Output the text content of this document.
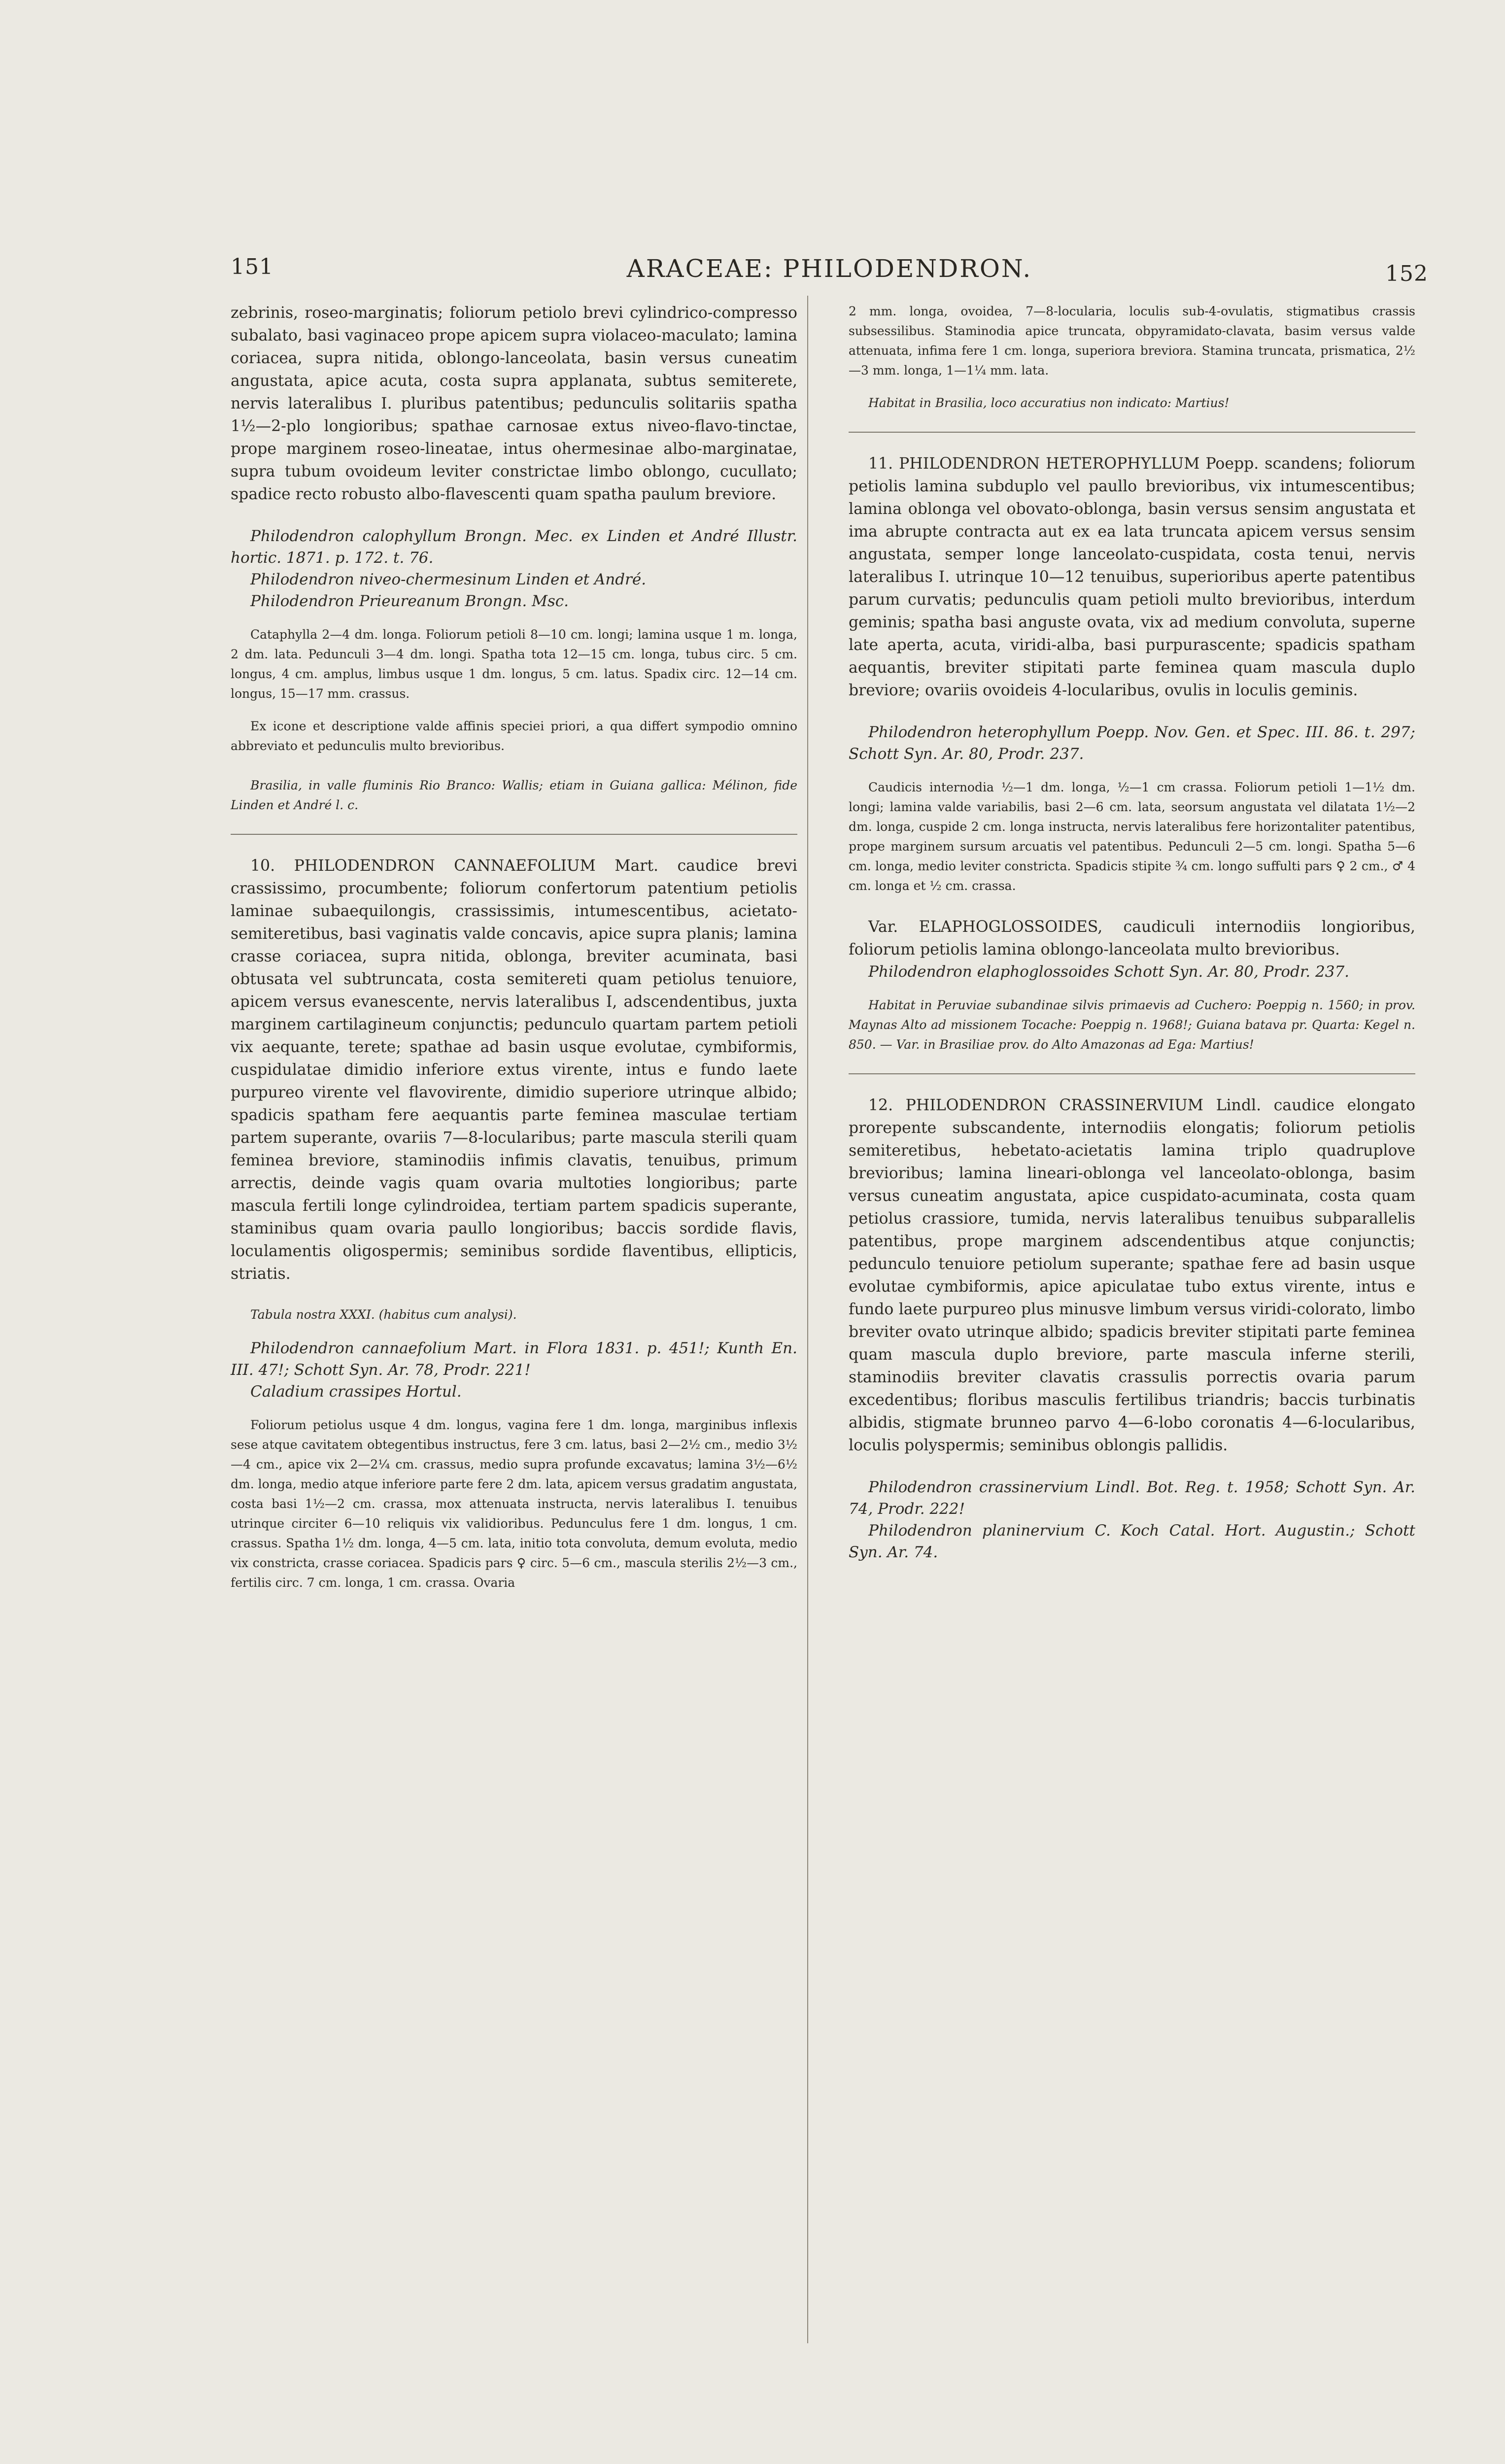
151	ARACEAE: PHILODENDRON.	152

zebrinis, roseo-marginatis; foliorum petiolo brevi cylindrico-compresso subalato, basi vaginaceo prope apicem supra violaceo-maculato; lamina coriacea, supra nitida, oblongo-lanceolata, basin versus cuneatim angustata, apice acuta, costa supra applanata, subtus semiterete, nervis lateralibus I. pluribus patentibus; pedunculis solitariis spatha 1½—2-plo longioribus; spathae carnosae extus niveo-flavo-tinctae, prope marginem roseo-lineatae, intus ohermesinae albo-marginatae, supra tubum ovoideum leviter constrictae limbo oblongo, cucullato; spadice recto robusto albo-flavescenti quam spatha paulum breviore.

Philodendron calophyllum Brongn. Mec. ex Linden et André Illustr. hortic. 1871. p. 172. t. 76.

Philodendron niveo-chermesinum Linden et André.

Philodendron Prieureanum Brongn. Msc.

Cataphylla 2—4 dm. longa. Foliorum petioli 8—10 cm. longi; lamina usque 1 m. longa, 2 dm. lata. Pedunculi 3—4 dm. longi. Spatha tota 12—15 cm. longa, tubus circ. 5 cm. longus, 4 cm. amplus, limbus usque 1 dm. longus, 5 cm. latus. Spadix circ. 12—14 cm. longus, 15—17 mm. crassus.

Ex icone et descriptione valde affinis speciei priori, a qua differt sympodio omnino abbreviato et pedunculis multo brevioribus.

Brasilia, in valle fluminis Rio Branco: Wallis; etiam in Guiana gallica: Mélinon, fide Linden et André l. c.

10. PHILODENDRON CANNAEFOLIUM Mart. caudice brevi crassissimo, procumbente; foliorum confertorum patentium petiolis laminae subaequilongis, crassissimis, intumescentibus, acietato-semiteretibus, basi vaginatis valde concavis, apice supra planis; lamina crasse coriacea, supra nitida, oblonga, breviter acuminata, basi obtusata vel subtruncata, costa semitereti quam petiolus tenuiore, apicem versus evanescente, nervis lateralibus I, adscendentibus, juxta marginem cartilagineum conjunctis; pedunculo quartam partem petioli vix aequante, terete; spathae ad basin usque evolutae, cymbiformis, cuspidulatae dimidio inferiore extus virente, intus e fundo laete purpureo virente vel flavovirente, dimidio superiore utrinque albido; spadicis spatham fere aequantis parte feminea masculae tertiam partem superante, ovariis 7—8-locularibus; parte mascula sterili quam feminea breviore, staminodiis infimis clavatis, tenuibus, primum arrectis, deinde vagis quam ovaria multoties longioribus; parte mascula fertili longe cylindroidea, tertiam partem spadicis superante, staminibus quam ovaria paullo longioribus; baccis sordide flavis, loculamentis oligospermis; seminibus sordide flaventibus, ellipticis, striatis.

Tabula nostra XXXI. (habitus cum analysi).

Philodendron cannaefolium Mart. in Flora 1831. p. 451!; Kunth En. III. 47!; Schott Syn. Ar. 78, Prodr. 221!

Caladium crassipes Hortul.

Foliorum petiolus usque 4 dm. longus, vagina fere 1 dm. longa, marginibus inflexis sese atque cavitatem obtegentibus instructus, fere 3 cm. latus, basi 2—2½ cm., medio 3½—4 cm., apice vix 2—2¼ cm. crassus, medio supra profunde excavatus; lamina 3½—6½ dm. longa, medio atque inferiore parte fere 2 dm. lata, apicem versus gradatim angustata, costa basi 1½—2 cm. crassa, mox attenuata instructa, nervis lateralibus I. tenuibus utrinque circiter 6—10 reliquis vix validioribus. Pedunculus fere 1 dm. longus, 1 cm. crassus. Spatha 1½ dm. longa, 4—5 cm. lata, initio tota convoluta, demum evoluta, medio vix constricta, crasse coriacea. Spadicis pars ♀ circ. 5—6 cm., mascula sterilis 2½—3 cm., fertilis circ. 7 cm. longa, 1 cm. crassa. Ovaria

2 mm. longa, ovoidea, 7—8-locularia, loculis sub-4-ovulatis, stigmatibus crassis subsessilibus. Staminodia apice truncata, obpyramidato-clavata, basim versus valde attenuata, infima fere 1 cm. longa, superiora breviora. Stamina truncata, prismatica, 2½—3 mm. longa, 1—1¼ mm. lata.

Habitat in Brasilia, loco accuratius non indicato: Martius!

11. PHILODENDRON HETEROPHYLLUM Poepp. scandens; foliorum petiolis lamina subduplo vel paullo brevioribus, vix intumescentibus; lamina oblonga vel obovato-oblonga, basin versus sensim angustata et ima abrupte contracta aut ex ea lata truncata apicem versus sensim angustata, semper longe lanceolato-cuspidata, costa tenui, nervis lateralibus I. utrinque 10—12 tenuibus, superioribus aperte patentibus parum curvatis; pedunculis quam petioli multo brevioribus, interdum geminis; spatha basi anguste ovata, vix ad medium convoluta, superne late aperta, acuta, viridi-alba, basi purpurascente; spadicis spatham aequantis, breviter stipitati parte feminea quam mascula duplo breviore; ovariis ovoideis 4-locularibus, ovulis in loculis geminis.

Philodendron heterophyllum Poepp. Nov. Gen. et Spec. III. 86. t. 297; Schott Syn. Ar. 80, Prodr. 237.

Caudicis internodia ½—1 dm. longa, ½—1 cm crassa. Foliorum petioli 1—1½ dm. longi; lamina valde variabilis, basi 2—6 cm. lata, seorsum angustata vel dilatata 1½—2 dm. longa, cuspide 2 cm. longa instructa, nervis lateralibus fere horizontaliter patentibus, prope marginem sursum arcuatis vel patentibus. Pedunculi 2—5 cm. longi. Spatha 5—6 cm. longa, medio leviter constricta. Spadicis stipite ¾ cm. longo suffulti pars ♀ 2 cm., ♂ 4 cm. longa et ½ cm. crassa.

Var. ELAPHOGLOSSOIDES, caudiculi internodiis longioribus, foliorum petiolis lamina oblongo-lanceolata multo brevioribus.

Philodendron elaphoglossoides Schott Syn. Ar. 80, Prodr. 237.

Habitat in Peruviae subandinae silvis primaevis ad Cuchero: Poeppig n. 1560; in prov. Maynas Alto ad missionem Tocache: Poeppig n. 1968!; Guiana batava pr. Quarta: Kegel n. 850. — Var. in Brasiliae prov. do Alto Amazonas ad Ega: Martius!

12. PHILODENDRON CRASSINERVIUM Lindl. caudice elongato prorepente subscandente, internodiis elongatis; foliorum petiolis semiteretibus, hebetato-acietatis lamina triplo quadruplove brevioribus; lamina lineari-oblonga vel lanceolato-oblonga, basim versus cuneatim angustata, apice cuspidato-acuminata, costa quam petiolus crassiore, tumida, nervis lateralibus tenuibus subparallelis patentibus, prope marginem adscendentibus atque conjunctis; pedunculo tenuiore petiolum superante; spathae fere ad basin usque evolutae cymbiformis, apice apiculatae tubo extus virente, intus e fundo laete purpureo plus minusve limbum versus viridi-colorato, limbo breviter ovato utrinque albido; spadicis breviter stipitati parte feminea quam mascula duplo breviore, parte mascula inferne sterili, staminodiis breviter clavatis crassulis porrectis ovaria parum excedentibus; floribus masculis fertilibus triandris; baccis turbinatis albidis, stigmate brunneo parvo 4—6-lobo coronatis 4—6-locularibus, loculis polyspermis; seminibus oblongis pallidis.

Philodendron crassinervium Lindl. Bot. Reg. t. 1958; Schott Syn. Ar. 74, Prodr. 222!

Philodendron planinervium C. Koch Catal. Hort. Augustin.; Schott Syn. Ar. 74.
